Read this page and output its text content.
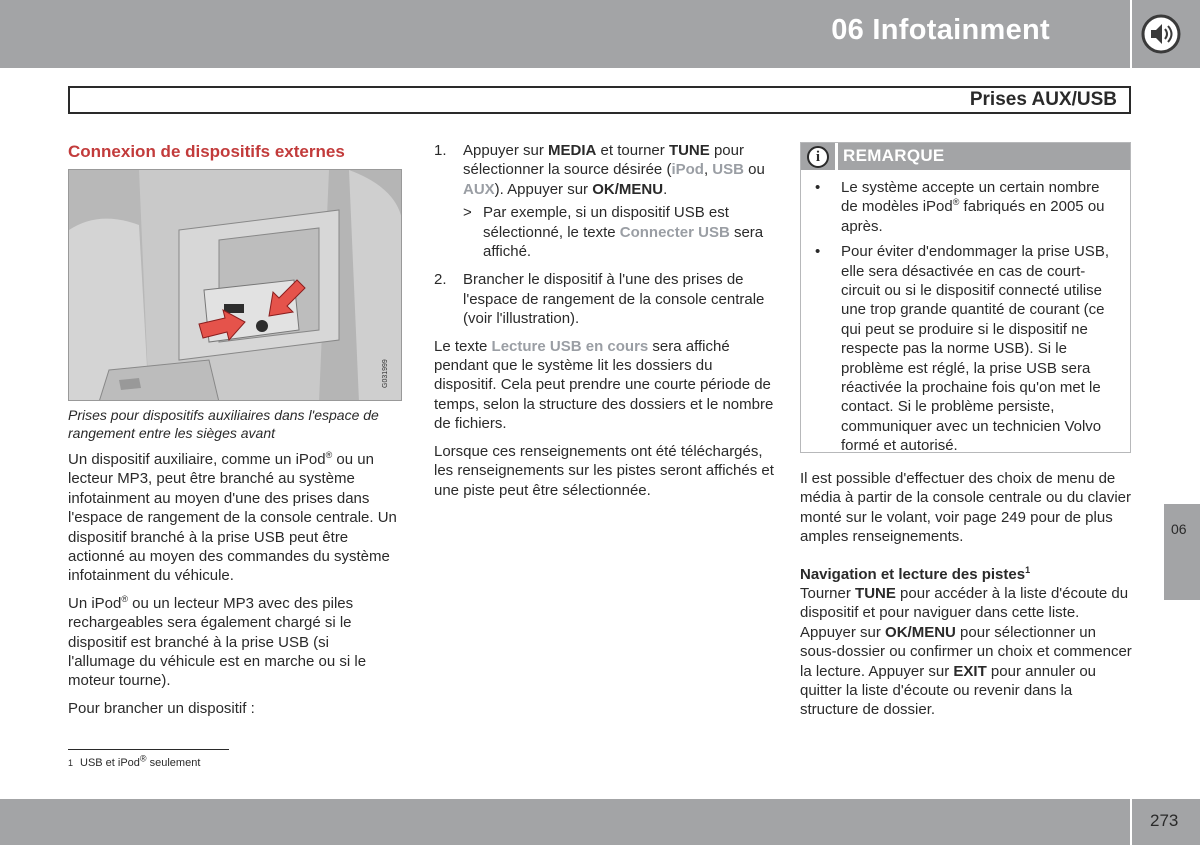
06 Infotainment
Prises AUX/USB
Connexion de dispositifs externes
G031999
Prises pour dispositifs auxiliaires dans l'espace de rangement entre les sièges avant

Un dispositif auxiliaire, comme un iPod® ou un lecteur MP3, peut être branché au système infotainment au moyen d'une des prises dans l'espace de rangement de la console centrale. Un dispositif branché à la prise USB peut être actionné au moyen des commandes du système infotainment du véhicule.

Un iPod® ou un lecteur MP3 avec des piles rechargeables sera également chargé si le dispositif est branché à la prise USB (si l'allumage du véhicule est en marche ou si le moteur tourne).

Pour brancher un dispositif :

1. Appuyer sur MEDIA et tourner TUNE pour sélectionner la source désirée (iPod, USB ou AUX). Appuyer sur OK/MENU.
> Par exemple, si un dispositif USB est sélectionné, le texte Connecter USB sera affiché.
2. Brancher le dispositif à l'une des prises de l'espace de rangement de la console centrale (voir l'illustration).

Le texte Lecture USB en cours sera affiché pendant que le système lit les dossiers du dispositif. Cela peut prendre une courte période de temps, selon la structure des dossiers et le nombre de fichiers.

Lorsque ces renseignements ont été téléchargés, les renseignements sur les pistes seront affichés et une piste peut être sélectionnée.

i	REMARQUE
• Le système accepte un certain nombre de modèles iPod® fabriqués en 2005 ou après.
• Pour éviter d'endommager la prise USB, elle sera désactivée en cas de court-circuit ou si le dispositif connecté utilise une trop grande quantité de courant (ce qui peut se produire si le dispositif ne respecte pas la norme USB). Si le problème est réglé, la prise USB sera réactivée la prochaine fois qu'on met le contact. Si le problème persiste, communiquer avec un technicien Volvo formé et autorisé.

Il est possible d'effectuer des choix de menu de média à partir de la console centrale ou du clavier monté sur le volant, voir page 249 pour de plus amples renseignements.

Navigation et lecture des pistes$^1$

Tourner TUNE pour accéder à la liste d'écoute du dispositif et pour naviguer dans cette liste. Appuyer sur OK/MENU pour sélectionner un sous-dossier ou confirmer un choix et commencer la lecture. Appuyer sur EXIT pour annuler ou quitter la liste d'écoute ou revenir dans la structure de dossier.

1 USB et iPod® seulement
06
273
